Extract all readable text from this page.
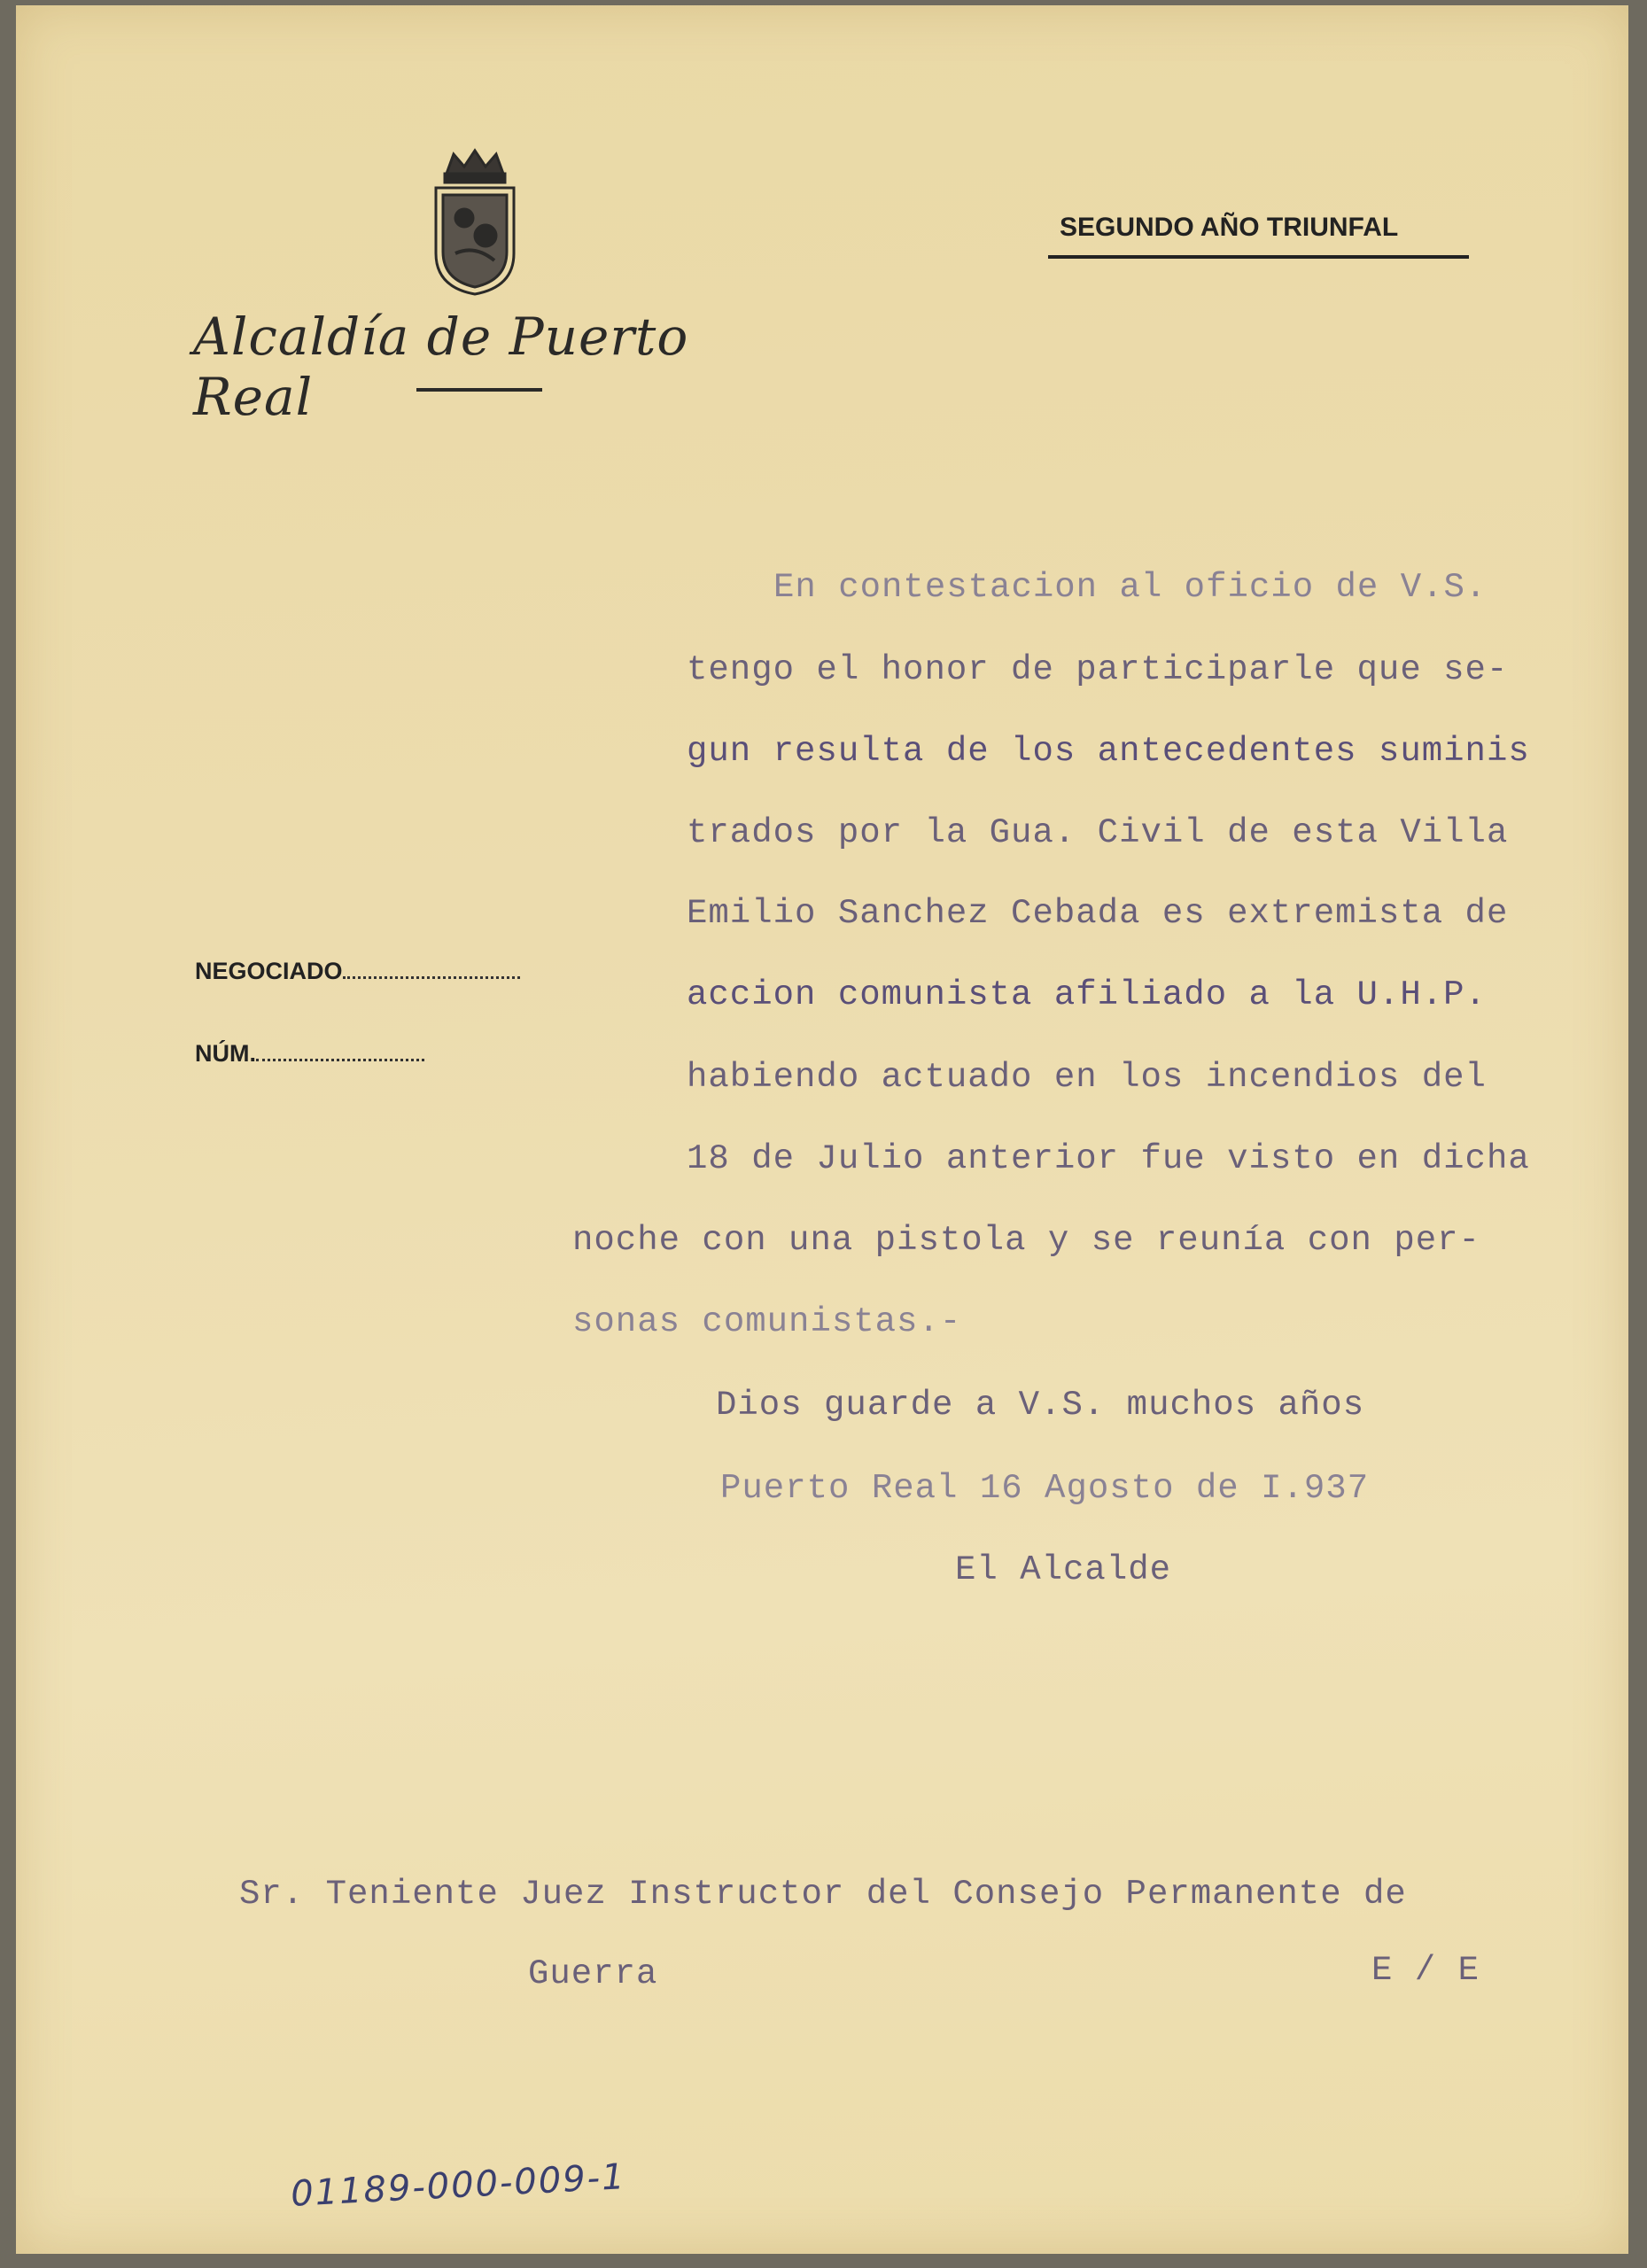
Alcaldía de Puerto Real
SEGUNDO AÑO TRIUNFAL
NEGOCIADO
NÚM.
En contestacion al oficio de V.S.
tengo el honor de participarle que se-
gun resulta de los antecedentes suminis
trados por la Gua. Civil de esta Villa
Emilio Sanchez Cebada es extremista de
accion comunista afiliado a la U.H.P.
habiendo actuado en los incendios del
18 de Julio anterior fue visto en dicha
noche con una pistola y se reunía con per-
sonas comunistas.-
Dios guarde a V.S. muchos años
Puerto Real 16 Agosto de I.937
El Alcalde
Sr. Teniente Juez Instructor del Consejo Permanente de
Guerra	E / E
01189-000-009-1
